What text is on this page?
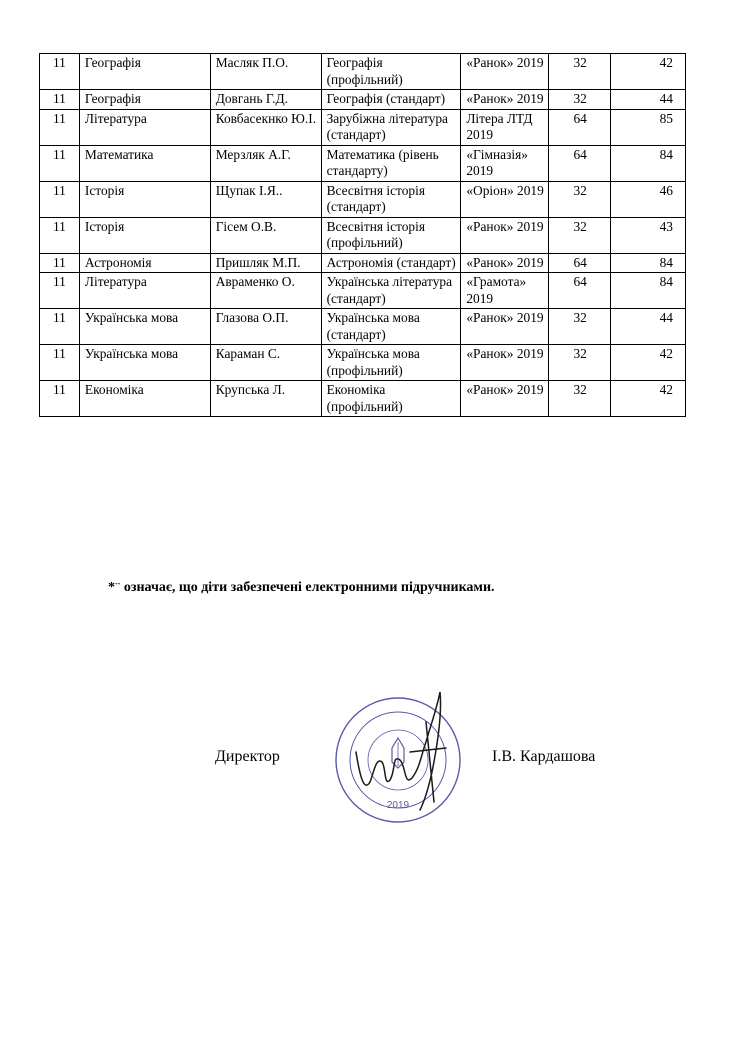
11	Географія	Масляк П.О.	Географія (профільний)	«Ранок» 2019	32	42
11	Географія	Довгань Г.Д.	Географія (стандарт)	«Ранок» 2019	32	44
11	Література	Ковбасекнко Ю.І.	Зарубіжна література (стандарт)	Літера ЛТД 2019	64	85
11	Математика	Мерзляк А.Г.	Математика (рівень стандарту)	«Гімназія» 2019	64	84
11	Історія	Щупак І.Я..	Всесвітня історія (стандарт)	«Оріон» 2019	32	46
11	Історія	Гісем О.В.	Всесвітня історія (профільний)	«Ранок» 2019	32	43
11	Астрономія	Пришляк М.П.	Астрономія (стандарт)	«Ранок» 2019	64	84
11	Література	Авраменко О.	Українська література (стандарт)	«Грамота» 2019	64	84
11	Українська мова	Глазова О.П.	Українська мова (стандарт)	«Ранок» 2019	32	44
11	Українська мова	Караман С.	Українська мова (профільний)	«Ранок» 2019	32	42
11	Економіка	Крупська Л.	Економіка (профільний)	«Ранок» 2019	32	42
*-- означає, що діти забезпечені електронними підручниками.
Директор
2019
І.В. Кардашова
